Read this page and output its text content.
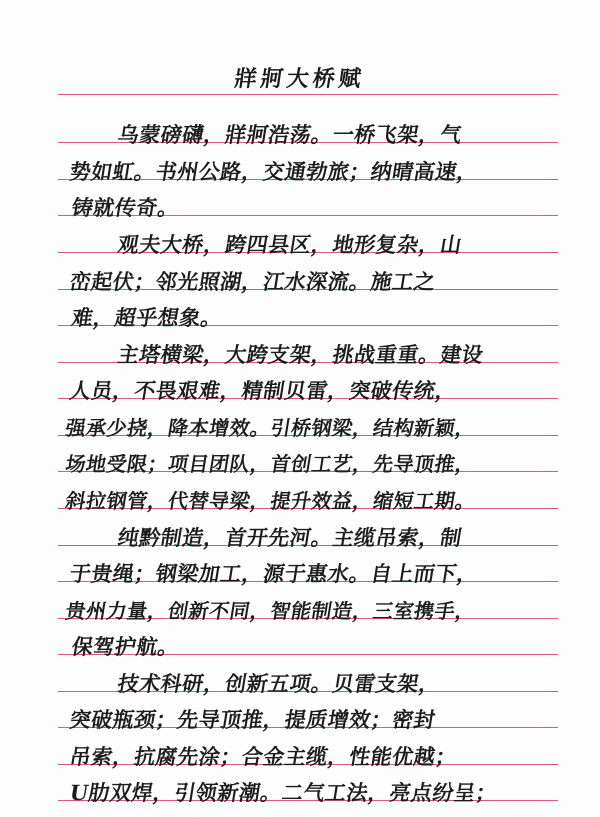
牂牁大桥赋
乌蒙磅礴，牂牁浩荡。一桥飞架，气
势如虹。书州公路，交通勃旅；纳晴高速，
铸就传奇。
观夫大桥，跨四县区，地形复杂，山
峦起伏；邻光照湖，江水深流。施工之
难，超乎想象。
主塔横梁，大跨支架，挑战重重。建设
人员，不畏艰难，精制贝雷，突破传统，
强承少挠，降本增效。引桥钢梁，结构新颖，
场地受限；项目团队，首创工艺，先导顶推，
斜拉钢管，代替导梁，提升效益，缩短工期。
纯黔制造，首开先河。主缆吊索，制
于贵绳；钢梁加工，源于惠水。自上而下，
贵州力量，创新不同，智能制造，三室携手，
保驾护航。
技术科研，创新五项。贝雷支架，
突破瓶颈；先导顶推，提质增效；密封
吊索，抗腐先涂；合金主缆，性能优越；
U肋双焊，引领新潮。二气工法，亮点纷呈；
